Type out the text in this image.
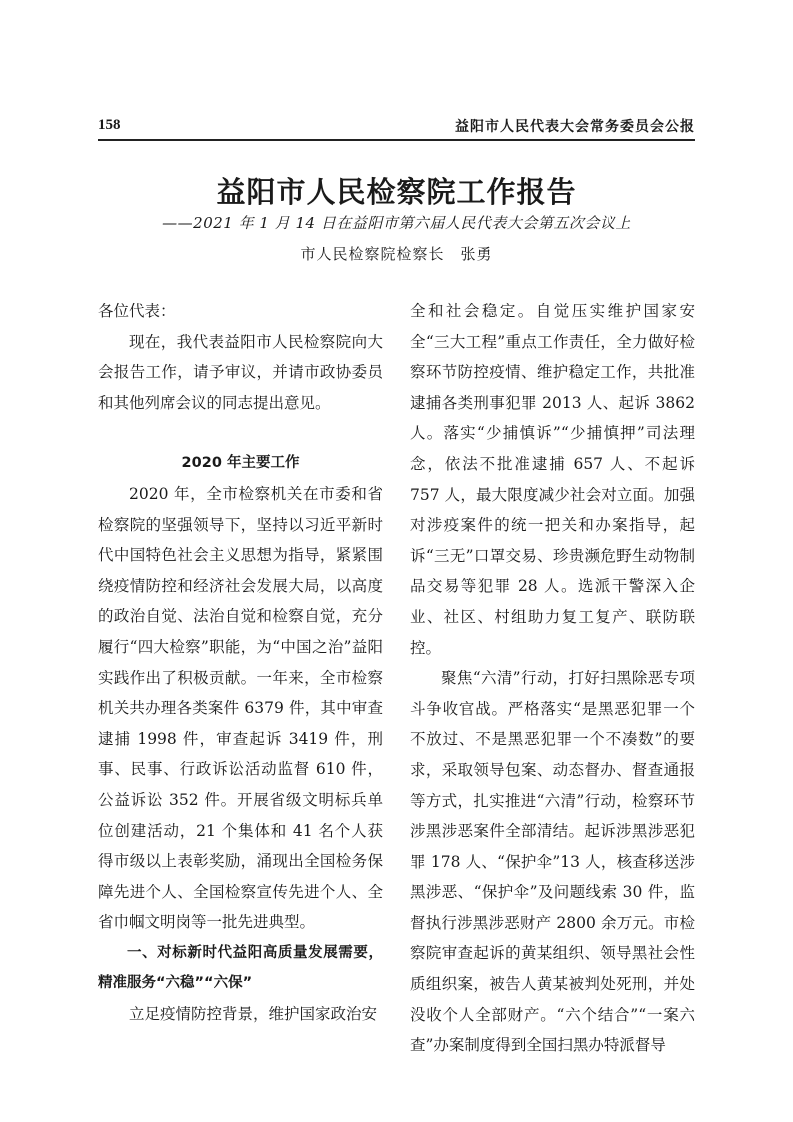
158	益阳市人民代表大会常务委员会公报
益阳市人民检察院工作报告
——2021 年 1 月 14 日在益阳市第六届人民代表大会第五次会议上
市人民检察院检察长　张勇

各位代表：

现在，我代表益阳市人民检察院向大会报告工作，请予审议，并请市政协委员和其他列席会议的同志提出意见。

2020 年主要工作

2020 年，全市检察机关在市委和省检察院的坚强领导下，坚持以习近平新时代中国特色社会主义思想为指导，紧紧围绕疫情防控和经济社会发展大局，以高度的政治自觉、法治自觉和检察自觉，充分履行“四大检察”职能，为“中国之治”益阳实践作出了积极贡献。一年来，全市检察机关共办理各类案件 6379 件，其中审查逮捕 1998 件，审查起诉 3419 件，刑事、民事、行政诉讼活动监督 610 件，公益诉讼 352 件。开展省级文明标兵单位创建活动，21 个集体和 41 名个人获得市级以上表彰奖励，涌现出全国检务保障先进个人、全国检察宣传先进个人、全省巾帼文明岗等一批先进典型。

一、对标新时代益阳高质量发展需要，精准服务“六稳”“六保”

立足疫情防控背景，维护国家政治安

全和社会稳定。自觉压实维护国家安全“三大工程”重点工作责任，全力做好检察环节防控疫情、维护稳定工作，共批准逮捕各类刑事犯罪 2013 人、起诉 3862 人。落实“少捕慎诉”“少捕慎押”司法理念，依法不批准逮捕 657 人、不起诉 757 人，最大限度减少社会对立面。加强对涉疫案件的统一把关和办案指导，起诉“三无”口罩交易、珍贵濒危野生动物制品交易等犯罪 28 人。选派干警深入企业、社区、村组助力复工复产、联防联控。

聚焦“六清”行动，打好扫黑除恶专项斗争收官战。严格落实“是黑恶犯罪一个不放过、不是黑恶犯罪一个不凑数”的要求，采取领导包案、动态督办、督查通报等方式，扎实推进“六清”行动，检察环节涉黑涉恶案件全部清结。起诉涉黑涉恶犯罪 178 人、“保护伞”13 人，核查移送涉黑涉恶、“保护伞”及问题线索 30 件，监督执行涉黑涉恶财产 2800 余万元。市检察院审查起诉的黄某组织、领导黑社会性质组织案，被告人黄某被判处死刑，并处没收个人全部财产。“六个结合”“一案六查”办案制度得到全国扫黑办特派督导
